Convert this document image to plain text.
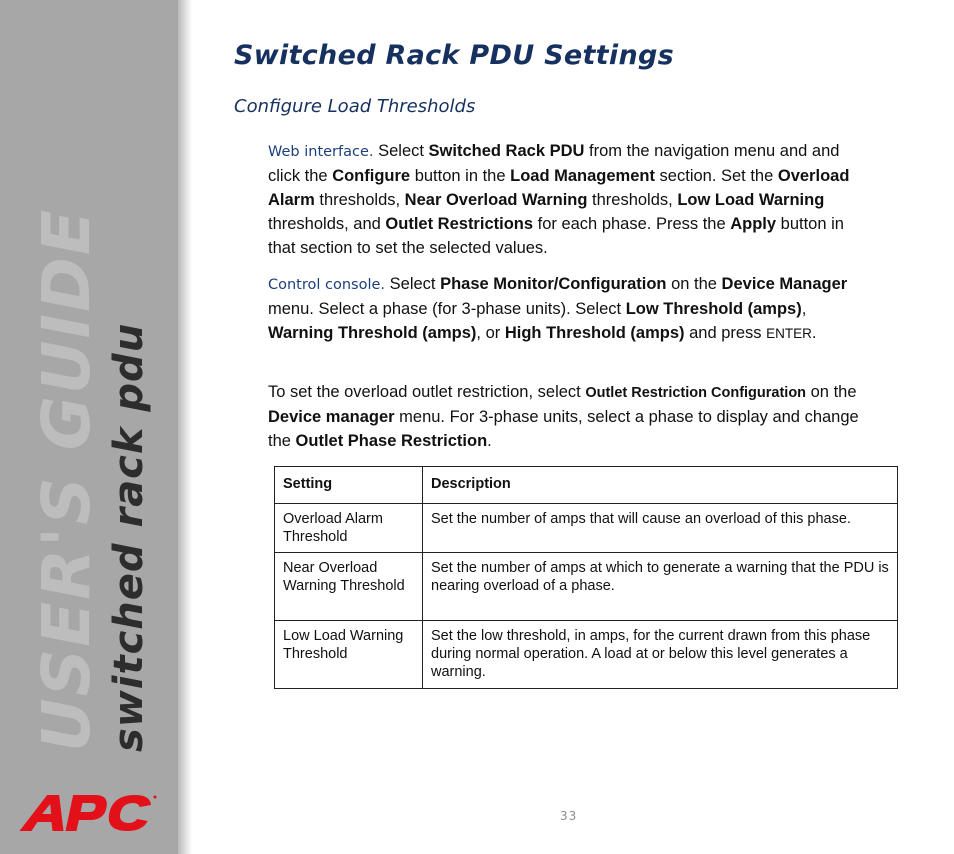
USER'S GUIDE switched rack pdu
33
Switched Rack PDU Settings
Configure Load Thresholds

Web interface. Select Switched Rack PDU from the navigation menu and and click the Configure button in the Load Management section. Set the Overload Alarm thresholds, Near Overload Warning thresholds, Low Load Warning thresholds, and Outlet Restrictions for each phase. Press the Apply button in that section to set the selected values.

Control console. Select Phase Monitor/Configuration on the Device Manager menu. Select a phase (for 3-phase units). Select Low Threshold (amps), Warning Threshold (amps), or High Threshold (amps) and press ENTER.

To set the overload outlet restriction, select Outlet Restriction Configuration on the Device manager menu. For 3-phase units, select a phase to display and change the Outlet Phase Restriction.

Setting	Description
Overload Alarm Threshold	Set the number of amps that will cause an overload of this phase.
Near Overload Warning Threshold	Set the number of amps at which to generate a warning that the PDU is nearing overload of a phase.
Low Load Warning Threshold	Set the low threshold, in amps, for the current drawn from this phase during normal operation. A load at or below this level generates a warning.
